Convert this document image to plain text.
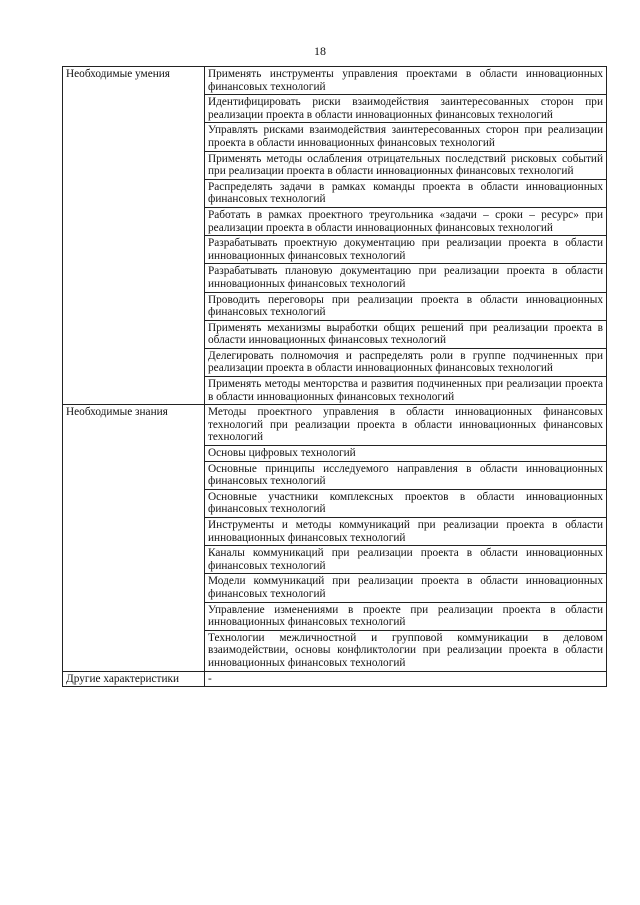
18
Необходимые умения	Применять инструменты управления проектами в области инновационных финансовых технологий
	Идентифицировать риски взаимодействия заинтересованных сторон при реализации проекта в области инновационных финансовых технологий
	Управлять рисками взаимодействия заинтересованных сторон при реализации проекта в области инновационных финансовых технологий
	Применять методы ослабления отрицательных последствий рисковых событий при реализации проекта в области инновационных финансовых технологий
	Распределять задачи в рамках команды проекта в области инновационных финансовых технологий
	Работать в рамках проектного треугольника «задачи – сроки – ресурс» при реализации проекта в области инновационных финансовых технологий
	Разрабатывать проектную документацию при реализации проекта в области инновационных финансовых технологий
	Разрабатывать плановую документацию при реализации проекта в области инновационных финансовых технологий
	Проводить переговоры при реализации проекта в области инновационных финансовых технологий
	Применять механизмы выработки общих решений при реализации проекта в области инновационных финансовых технологий
	Делегировать полномочия и распределять роли в группе подчиненных при реализации проекта в области инновационных финансовых технологий
	Применять методы менторства и развития подчиненных при реализации проекта в области инновационных финансовых технологий
Необходимые знания	Методы проектного управления в области инновационных финансовых технологий при реализации проекта в области инновационных финансовых технологий
	Основы цифровых технологий
	Основные принципы исследуемого направления в области инновационных финансовых технологий
	Основные участники комплексных проектов в области инновационных финансовых технологий
	Инструменты и методы коммуникаций при реализации проекта в области инновационных финансовых технологий
	Каналы коммуникаций при реализации проекта в области инновационных финансовых технологий
	Модели коммуникаций при реализации проекта в области инновационных финансовых технологий
	Управление изменениями в проекте при реализации проекта в области инновационных финансовых технологий
	Технологии межличностной и групповой коммуникации в деловом взаимодействии, основы конфликтологии при реализации проекта в области инновационных финансовых технологий
Другие характеристики	-
